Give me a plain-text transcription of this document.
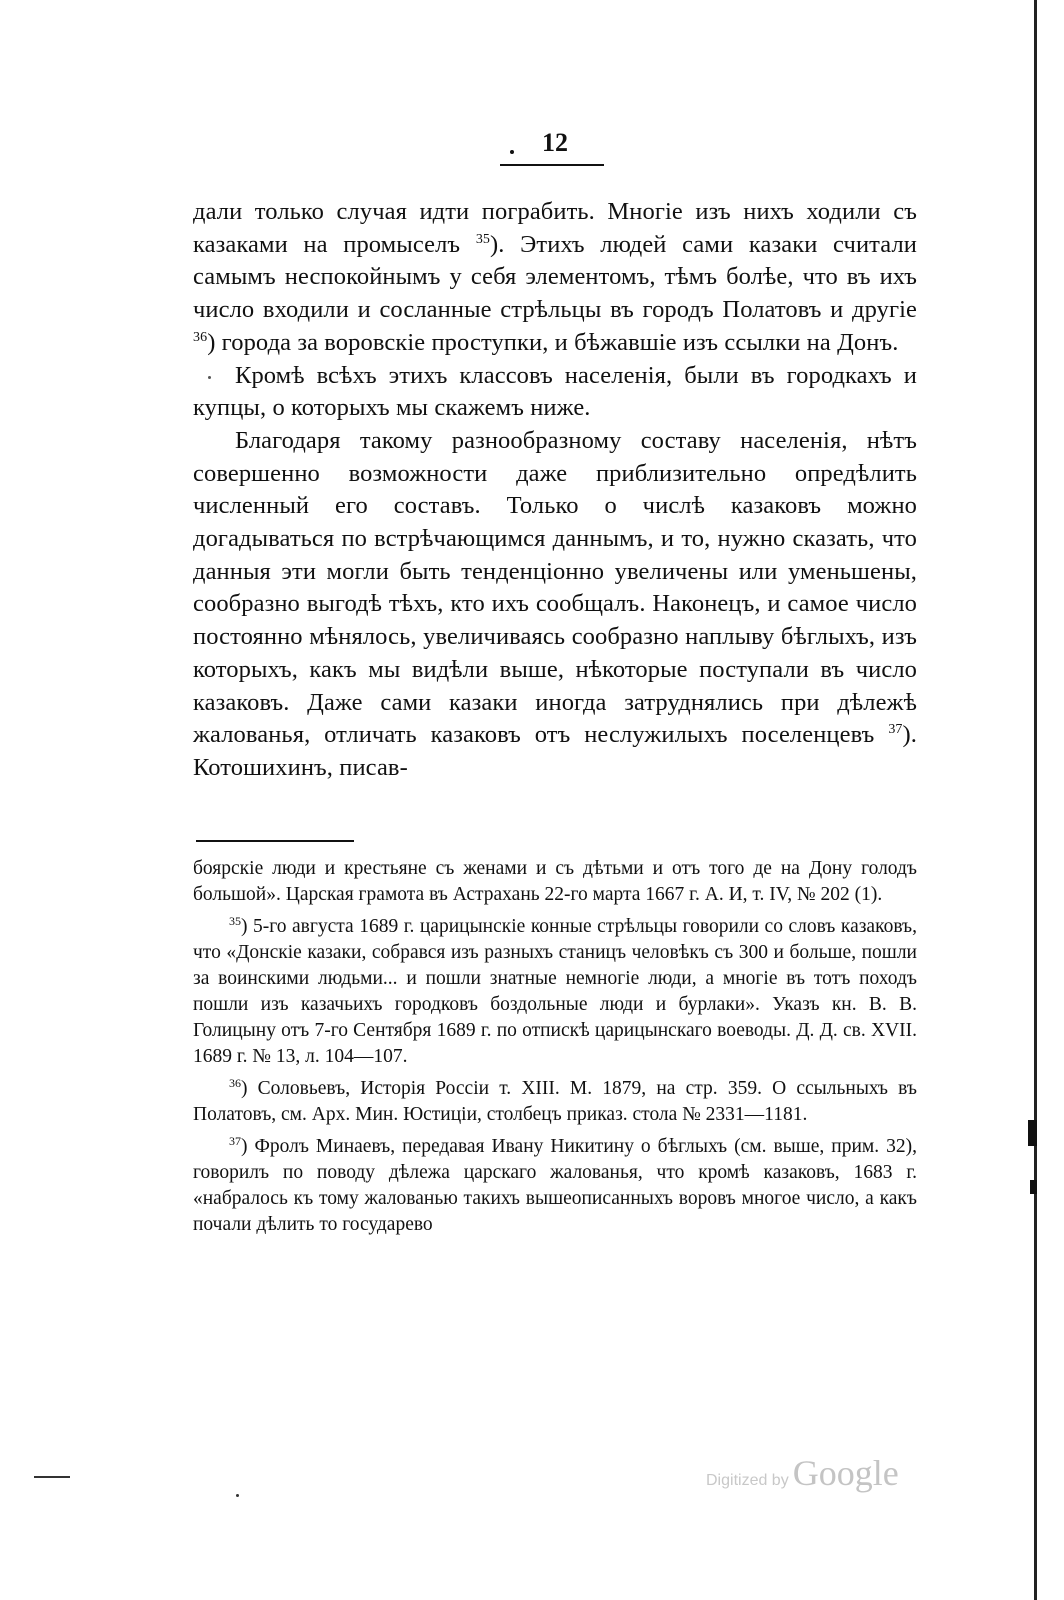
12

дали только случая идти пограбить. Многіе изъ нихъ ходили съ казаками на промыселъ $^{35}$). Этихъ людей сами казаки считали самымъ неспокойнымъ у себя элементомъ, тѣмъ болѣе, что въ ихъ число входили и сосланные стрѣльцы въ городъ Полатовъ и другіе $^{36}$) города за воровскіе проступки, и бѣжавшіе изъ ссылки на Донъ.

Кромѣ всѣхъ этихъ классовъ населенія, были въ городкахъ и купцы, о которыхъ мы скажемъ ниже.

Благодаря такому разнообразному составу населенія, нѣтъ совершенно возможности даже приблизительно опредѣлить численный его составъ. Только о числѣ казаковъ можно догадываться по встрѣчающимся даннымъ, и то, нужно сказать, что данныя эти могли быть тенденціонно увеличены или уменьшены, сообразно выгодѣ тѣхъ, кто ихъ сообщалъ. Наконецъ, и самое число постоянно мѣнялось, увеличиваясь сообразно наплыву бѣглыхъ, изъ которыхъ, какъ мы видѣли выше, нѣкоторые поступали въ число казаковъ. Даже сами казаки иногда затруднялись при дѣлежѣ жалованья, отличать казаковъ отъ неслужилыхъ поселенцевъ $^{37}$). Котошихинъ, писав-

боярскіе люди и крестьяне съ женами и съ дѣтьми и отъ того де на Дону голодъ большой». Царская грамота въ Астрахань 22-го марта 1667 г. А. И, т. IV, № 202 (1).

$^{35}$) 5-го августа 1689 г. царицынскіе конные стрѣльцы говорили со словъ казаковъ, что «Донскіе казаки, собрався изъ разныхъ станицъ человѣкъ съ 300 и больше, пошли за воинскими людьми... и пошли знатные немногіе люди, а многіе въ тотъ походъ пошли изъ казачьихъ городковъ боздольные люди и бурлаки». Указъ кн. В. В. Голицыну отъ 7-го Сентября 1689 г. по отпискѣ царицынскаго воеводы. Д. Д. св. XVII. 1689 г. № 13, л. 104—107.

$^{36}$) Соловьевъ, Исторія Россіи т. XIII. М. 1879, на стр. 359. О ссыльныхъ въ Полатовъ, см. Арх. Мин. Юстиціи, столбецъ приказ. стола № 2331—1181.

$^{37}$) Фролъ Минаевъ, передавая Ивану Никитину о бѣглыхъ (см. выше, прим. 32), говорилъ по поводу дѣлежа царскаго жалованья, что кромѣ казаковъ, 1683 г. «набралось къ тому жалованью такихъ вышеописанныхъ воровъ многое число, а какъ почали дѣлить то государево

Digitized by Google
